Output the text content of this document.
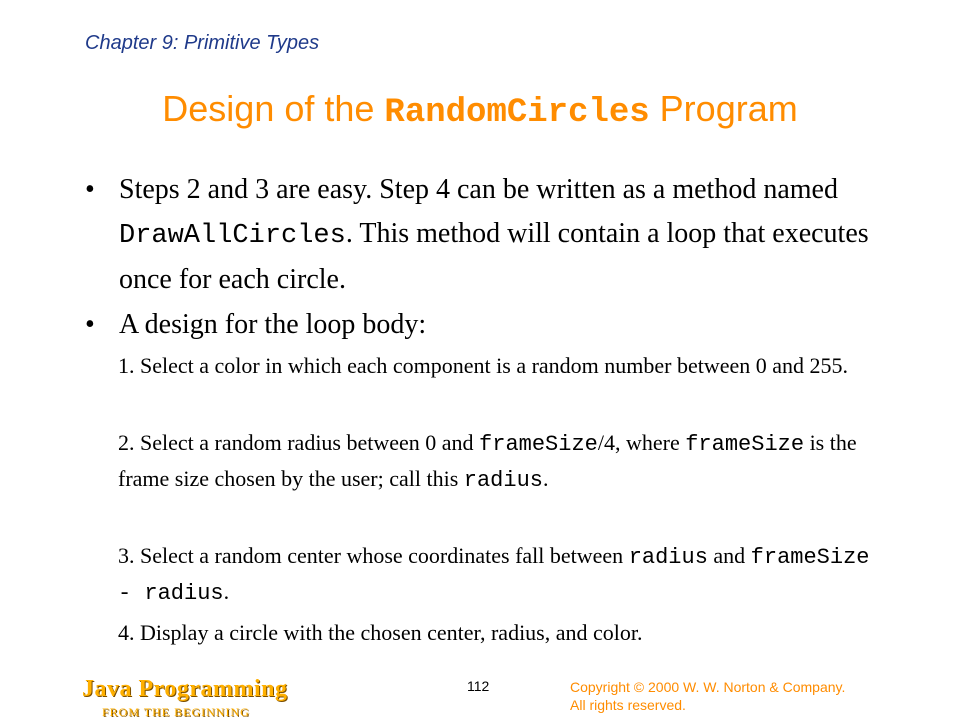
Chapter 9: Primitive Types
Design of the RandomCircles Program
• Steps 2 and 3 are easy. Step 4 can be written as a method named DrawAllCircles. This method will contain a loop that executes once for each circle.
• A design for the loop body:
1. Select a color in which each component is a random number between 0 and 255.
2. Select a random radius between 0 and frameSize/4, where frameSize is the frame size chosen by the user; call this radius.
3. Select a random center whose coordinates fall between radius and frameSize - radius.
4. Display a circle with the chosen center, radius, and color.
Java Programming
FROM THE BEGINNING
112	Copyright © 2000 W. W. Norton & Company.
All rights reserved.
